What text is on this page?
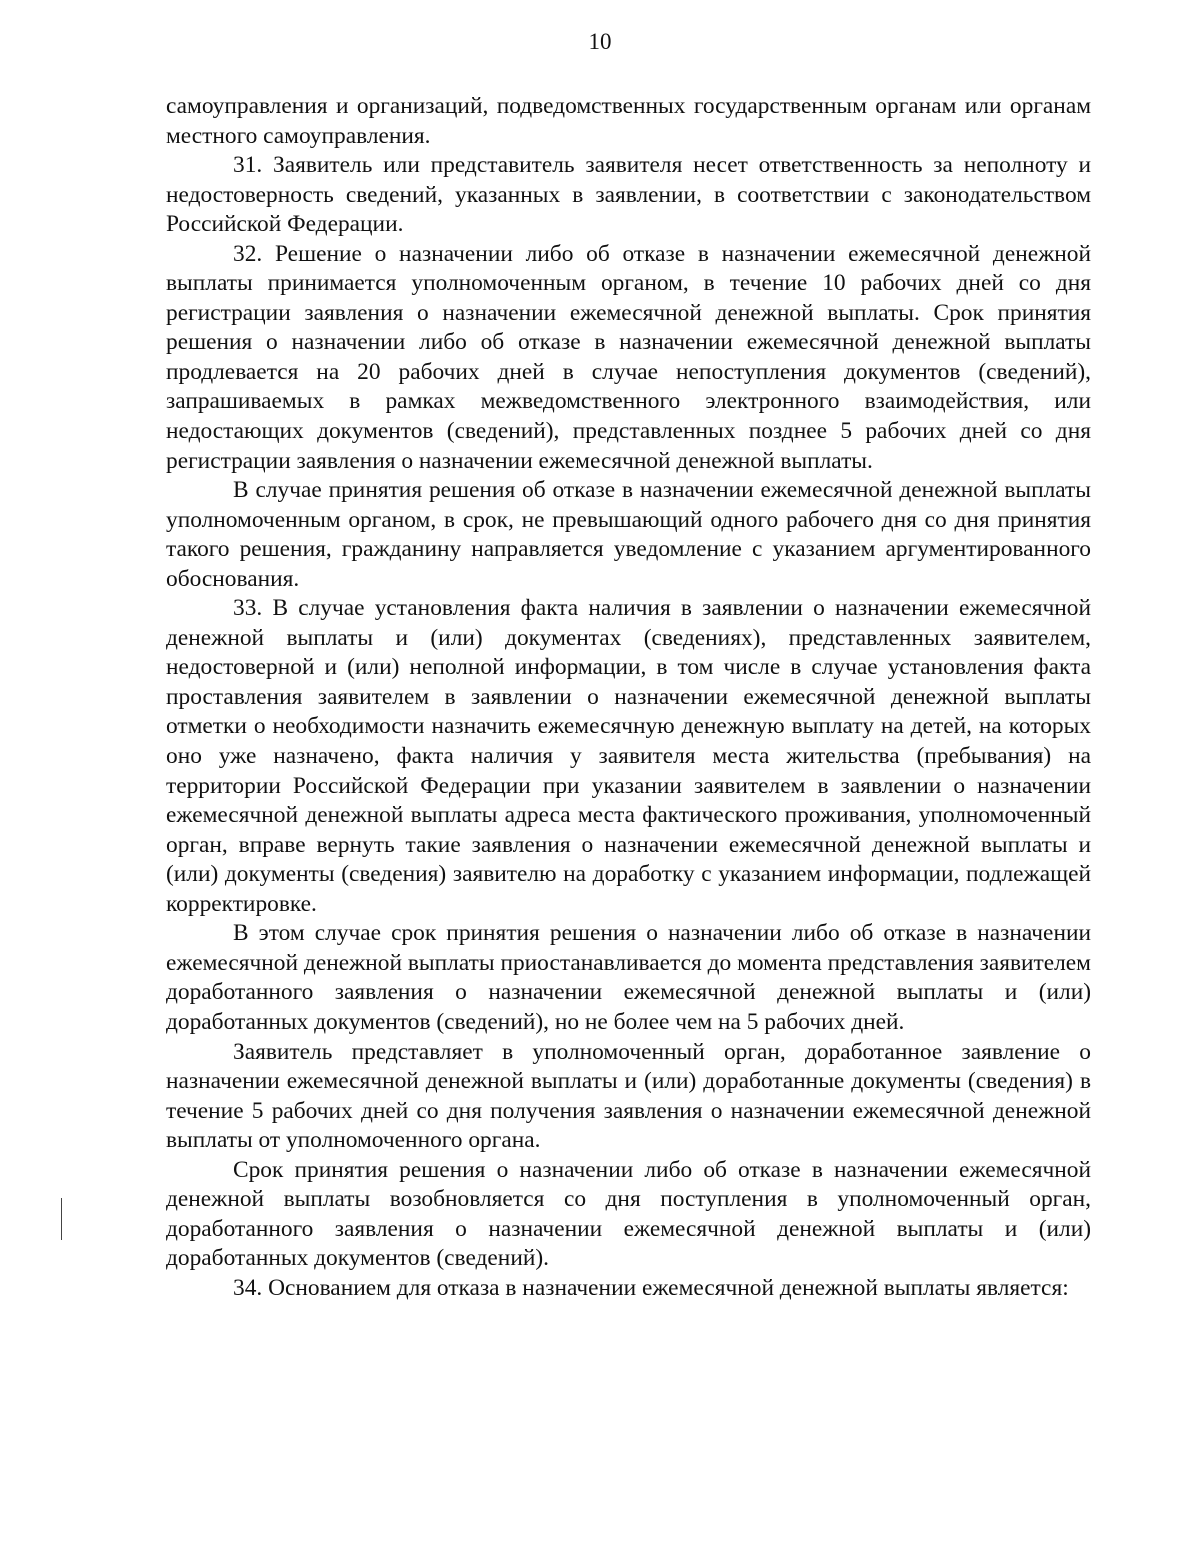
10

самоуправления и организаций, подведомственных государственным органам или органам местного самоуправления.

31. Заявитель или представитель заявителя несет ответственность за неполноту и недостоверность сведений, указанных в заявлении, в соответствии с законодательством Российской Федерации.

32. Решение о назначении либо об отказе в назначении ежемесячной денежной выплаты принимается уполномоченным органом, в течение 10 рабочих дней со дня регистрации заявления о назначении ежемесячной денежной выплаты. Срок принятия решения о назначении либо об отказе в назначении ежемесячной денежной выплаты продлевается на 20 рабочих дней в случае непоступления документов (сведений), запрашиваемых в рамках межведомственного электронного взаимодействия, или недостающих документов (сведений), представленных позднее 5 рабочих дней со дня регистрации заявления о назначении ежемесячной денежной выплаты.

В случае принятия решения об отказе в назначении ежемесячной денежной выплаты уполномоченным органом, в срок, не превышающий одного рабочего дня со дня принятия такого решения, гражданину направляется уведомление с указанием аргументированного обоснования.

33. В случае установления факта наличия в заявлении о назначении ежемесячной денежной выплаты и (или) документах (сведениях), представленных заявителем, недостоверной и (или) неполной информации, в том числе в случае установления факта проставления заявителем в заявлении о назначении ежемесячной денежной выплаты отметки о необходимости назначить ежемесячную денежную выплату на детей, на которых оно уже назначено, факта наличия у заявителя места жительства (пребывания) на территории Российской Федерации при указании заявителем в заявлении о назначении ежемесячной денежной выплаты адреса места фактического проживания, уполномоченный орган, вправе вернуть такие заявления о назначении ежемесячной денежной выплаты и (или) документы (сведения) заявителю на доработку с указанием информации, подлежащей корректировке.

В этом случае срок принятия решения о назначении либо об отказе в назначении ежемесячной денежной выплаты приостанавливается до момента представления заявителем доработанного заявления о назначении ежемесячной денежной выплаты и (или) доработанных документов (сведений), но не более чем на 5 рабочих дней.

Заявитель представляет в уполномоченный орган, доработанное заявление о назначении ежемесячной денежной выплаты и (или) доработанные документы (сведения) в течение 5 рабочих дней со дня получения заявления о назначении ежемесячной денежной выплаты от уполномоченного органа.

Срок принятия решения о назначении либо об отказе в назначении ежемесячной денежной выплаты возобновляется со дня поступления в уполномоченный орган, доработанного заявления о назначении ежемесячной денежной выплаты и (или) доработанных документов (сведений).

34. Основанием для отказа в назначении ежемесячной денежной выплаты является:
